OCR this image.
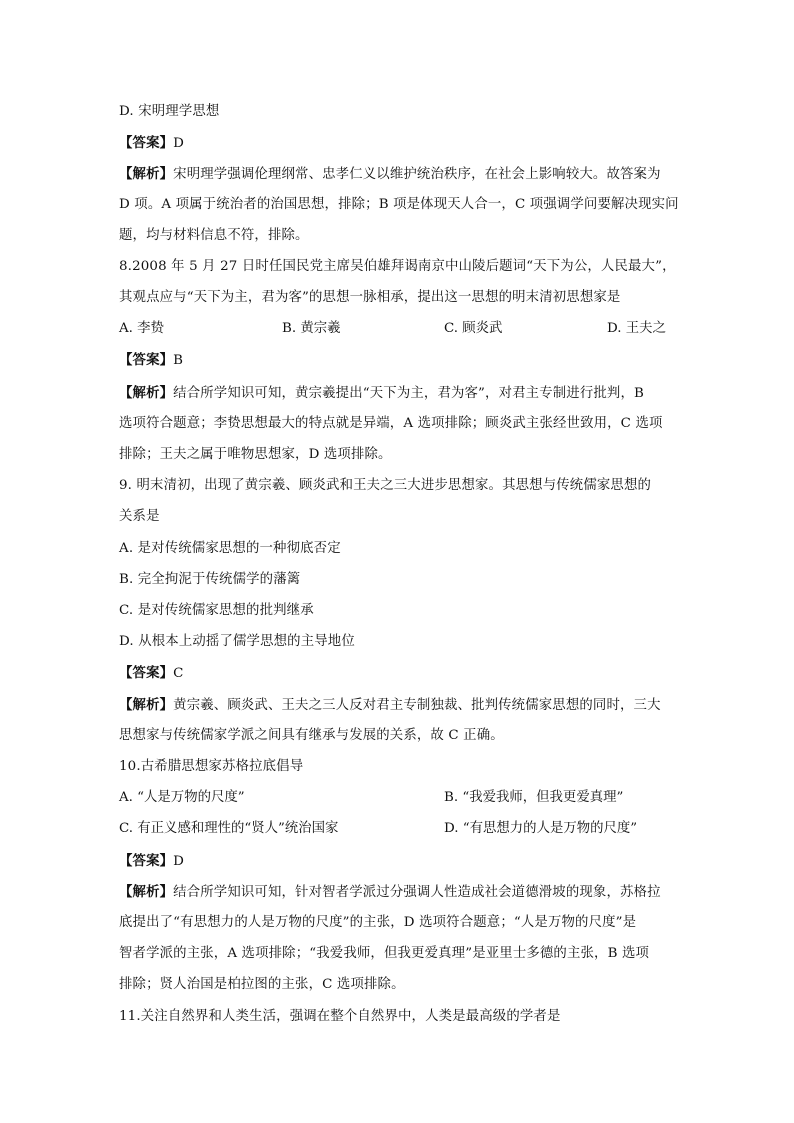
D. 宋明理学思想
【答案】D
【解析】宋明理学强调伦理纲常、忠孝仁义以维护统治秩序，在社会上影响较大。故答案为
D 项。A 项属于统治者的治国思想，排除；B 项是体现天人合一，C 项强调学问要解决现实问
题，均与材料信息不符，排除。
8.2008 年 5 月 27 日时任国民党主席吴伯雄拜谒南京中山陵后题词“天下为公，人民最大”，
其观点应与“天下为主，君为客”的思想一脉相承，提出这一思想的明末清初思想家是
A. 李贽	B. 黄宗羲	C. 顾炎武	D. 王夫之
【答案】B
【解析】结合所学知识可知，黄宗羲提出“天下为主，君为客”，对君主专制进行批判，B
选项符合题意；李贽思想最大的特点就是异端，A 选项排除；顾炎武主张经世致用，C 选项
排除；王夫之属于唯物思想家，D 选项排除。
9. 明末清初，出现了黄宗羲、顾炎武和王夫之三大进步思想家。其思想与传统儒家思想的
关系是
A. 是对传统儒家思想的一种彻底否定
B. 完全拘泥于传统儒学的藩篱
C. 是对传统儒家思想的批判继承
D. 从根本上动摇了儒学思想的主导地位
【答案】C
【解析】黄宗羲、顾炎武、王夫之三人反对君主专制独裁、批判传统儒家思想的同时，三大
思想家与传统儒家学派之间具有继承与发展的关系，故 C 正确。
10.古希腊思想家苏格拉底倡导
A. “人是万物的尺度”	B. “我爱我师，但我更爱真理”
C. 有正义感和理性的“贤人”统治国家	D. “有思想力的人是万物的尺度”
【答案】D
【解析】结合所学知识可知，针对智者学派过分强调人性造成社会道德滑坡的现象，苏格拉
底提出了“有思想力的人是万物的尺度”的主张，D 选项符合题意；“人是万物的尺度”是
智者学派的主张，A 选项排除；“我爱我师，但我更爱真理”是亚里士多德的主张，B 选项
排除；贤人治国是柏拉图的主张，C 选项排除。
11.关注自然界和人类生活，强调在整个自然界中，人类是最高级的学者是
